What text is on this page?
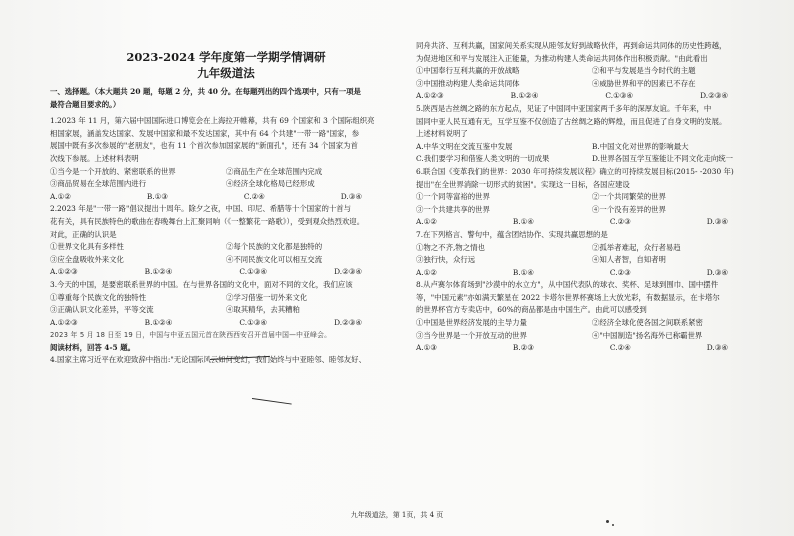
2023-2024 学年度第一学期学情调研
九年级道法
一、选择题。（本大题共 20 题，每题 2 分，共 40 分。在每题列出的四个选项中，只有一项是
最符合题目要求的。）
1.2023 年 11 月，第六届中国国际进口博览会在上海拉开帷幕，共有 69 个国家和 3 个国际组织亮
相国家展，涵盖发达国家、发展中国家和最不发达国家，其中有 64 个共建"一带一路"国家，参
展国中既有多次参展的"老朋友"，也有 11 个首次参加国家展的"新面孔"，还有 34 个国家为首
次线下参展。上述材料表明
①当今是一个开放的、紧密联系的世界	②商品生产在全球范围内完成
③商品贸易在全球范围内进行	④经济全球化格局已经形成
A.①②	B.①③	C.②④	D.③④
2.2023 年是"一带一路"倡议提出十周年。除夕之夜，中国、印尼、希腊等十个国家的十首与
花有关，具有民族特色的歌曲在春晚舞台上汇聚同响（《一整繁花一路歌》），受到观众热烈欢迎。
对此，正确的认识是
①世界文化具有多样性	②每个民族的文化都是独特的
③应全盘吸收外来文化	④不同民族文化可以相互交流
A.①②③	B.①②④	C.①③④	D.②③④
3.今天的中国，是要密联系世界的中国。在与世界各国的文化中，面对不同的文化，我们应该
①尊重每个民族文化的独特性	②学习借鉴一切外来文化
③正确认识文化差异，平等交流	④取其精华，去其糟粕
A.①②③	B.①②④	C.①③④	D.②③④
2023 年 5 月 18 日至 19 日，中国与中亚五国元首在陕西西安召开首届中国—中亚峰会。
阅读材料，回答 4-5 题。
4.国家主席习近平在欢迎致辞中指出:"无论国际风云如何变幻，我们始终与中亚睦邻、睦邻友好、
同舟共济、互利共赢，国家间关系实现从睦邻友好到战略伙伴，再到命运共同体的历史性跨越，
为促进地区和平与发展注入正能量，为推动构建人类命运共同体作出积极贡献。"由此看出
①中国奉行互利共赢的开放战略	②和平与发展是当今时代的主题
③中国推动构建人类命运共同体	④威胁世界和平的因素已不存在
A.①②③	B.①②④	C.①③④	D.②③④
5.陕西是古丝绸之路的东方起点，见证了中国同中亚国家两千多年的深厚友谊。千年来，中
国同中亚人民互通有无，互学互鉴不仅创造了古丝绸之路的辉煌，而且促进了自身文明的发展。
上述材料说明了
A.中华文明在交流互鉴中发展	B.中国文化对世界的影响最大
C.我们要学习和借鉴人类文明的一切成果	D.世界各国互学互鉴能让不同文化走向统一
6.联合国《变革我们的世界：2030 年可持续发展议程》确立的可持续发展目标(2015- -2030 年)
提出"在全世界消除一切形式的贫困"。实现这一目标，各国应建设
①一个同等富裕的世界	②一个共同繁荣的世界
③一个共建共享的世界	④一个没有差异的世界
A.①②	B.①④	C.②③	D.③④
7.在下列格言、警句中，蕴含团结协作、实现共赢思想的是
①物之不齐,物之情也	②孤举者难起，众行者易趋
③独行快，众行远	④知人者智，自知者明
A.①②	B.①④	C.②③	D.③④
8.从卢赛尔体育场到"沙漠中的水立方"，从中国代表队的球衣、奖杯、足球到围巾、国中摆件
等，"中国元素"亦如满天繁星在 2022 卡塔尔世界杯赛场上大放光彩，有数据显示，在卡塔尔
的世界杯官方专卖店中，60%的商品都是由中国生产。由此可以感受到
①中国是世界经济发展的主导力量	②经济全球化使各国之间联系紧密
③当今世界是一个开放互动的世界	④"中国制造"扬名海外已称霸世界
A.①③	B.②③	C.②④	D.③④
九年级道法，第 1页，共 4 页
